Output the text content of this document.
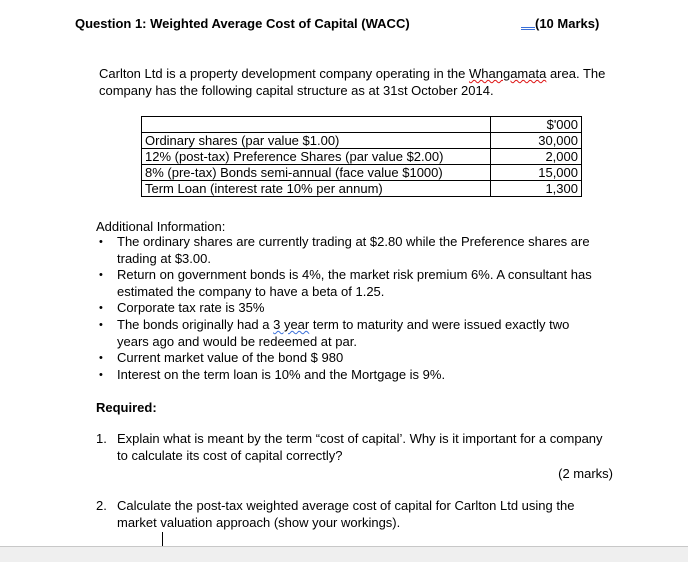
Question 1: Weighted Average Cost of Capital (WACC)	(10 Marks)
Carlton Ltd is a property development company operating in the Whangamata area. The company has the following capital structure as at 31st October 2014.
	$'000
Ordinary shares (par value $1.00)	30,000
12% (post-tax) Preference Shares (par value $2.00)	2,000
8% (pre-tax) Bonds semi-annual (face value $1000)	15,000
Term Loan (interest rate 10% per annum)	1,300
Additional Information:
• The ordinary shares are currently trading at $2.80 while the Preference shares are trading at $3.00.
• Return on government bonds is 4%, the market risk premium 6%. A consultant has estimated the company to have a beta of 1.25.
• Corporate tax rate is 35%
• The bonds originally had a 3 year term to maturity and were issued exactly two years ago and would be redeemed at par.
• Current market value of the bond $ 980
• Interest on the term loan is 10% and the Mortgage is 9%.
Required:
1. Explain what is meant by the term “cost of capital’. Why is it important for a company to calculate its cost of capital correctly?
(2 marks)
2. Calculate the post-tax weighted average cost of capital for Carlton Ltd using the market valuation approach (show your workings).
